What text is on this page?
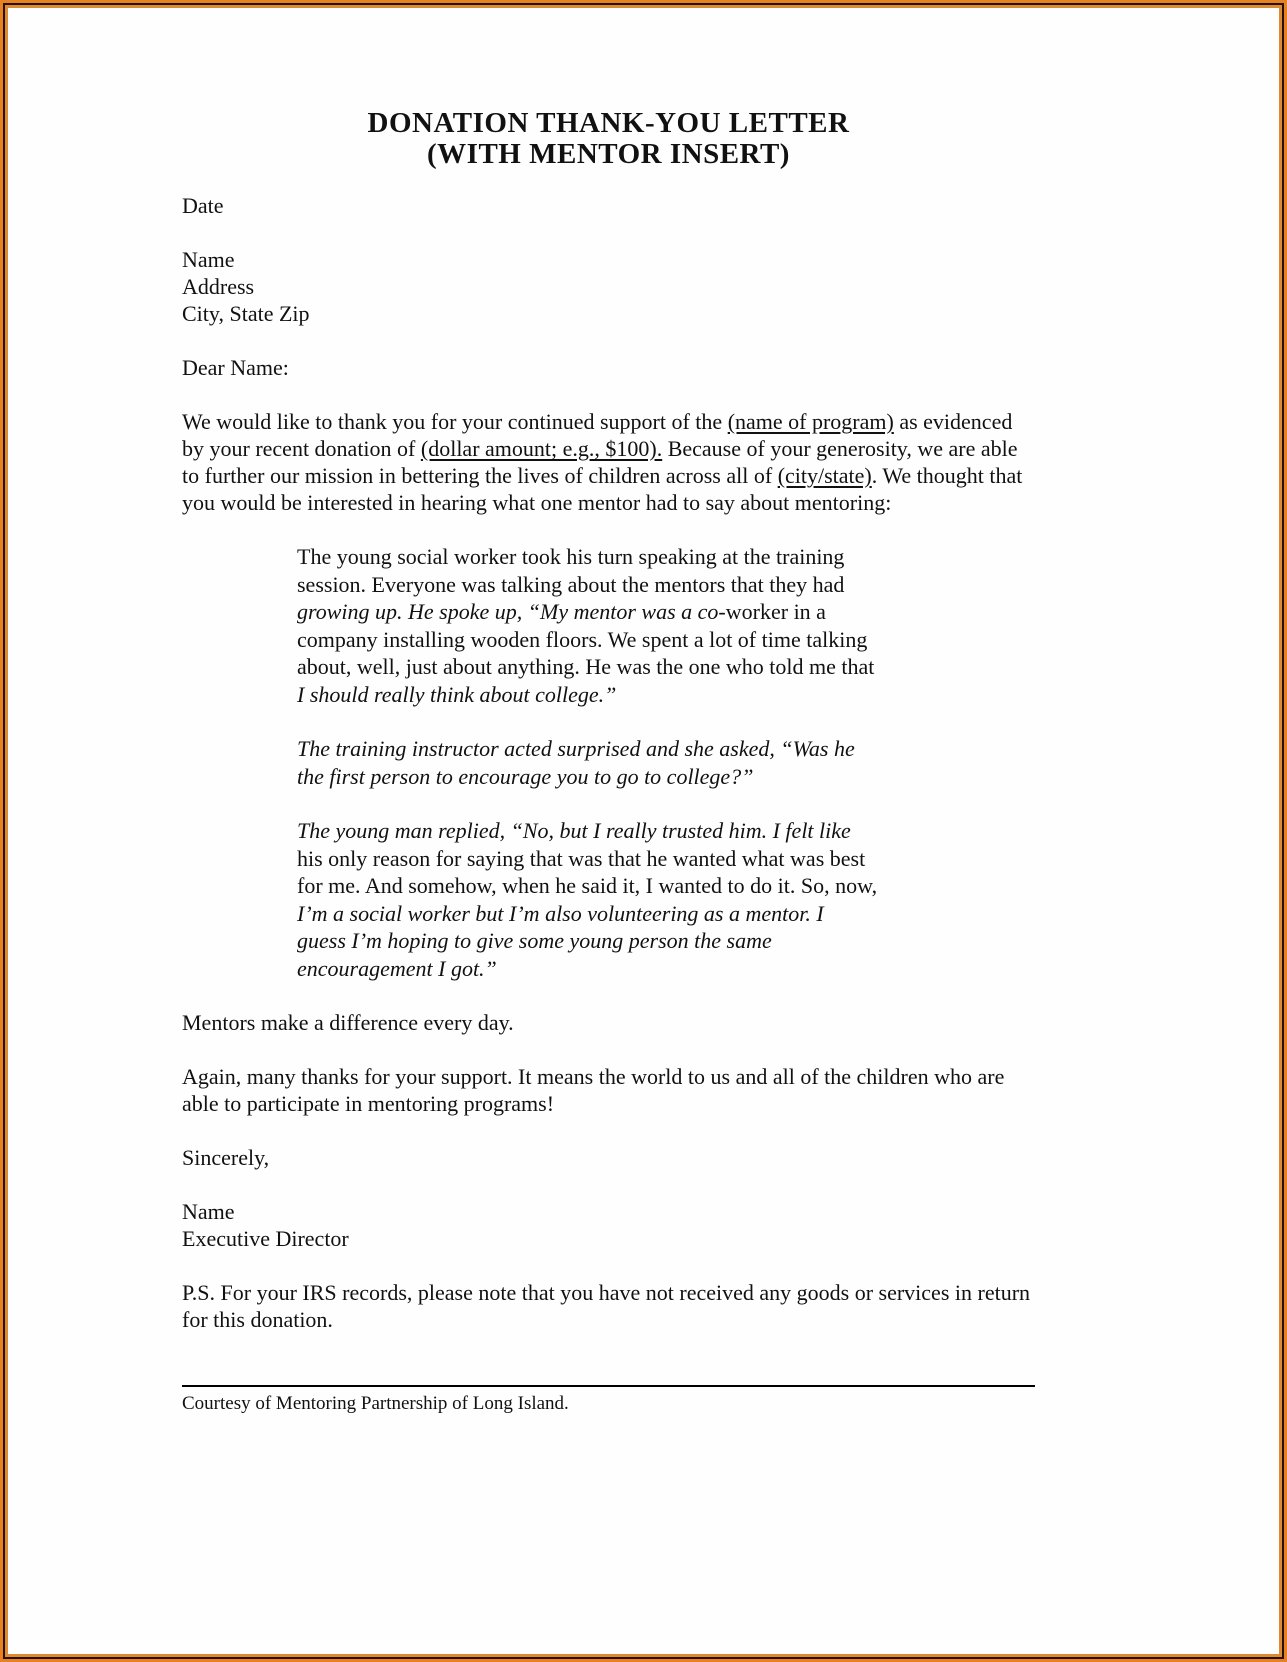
DONATION THANK-YOU LETTER
(WITH MENTOR INSERT)

Date

Name
Address
City, State Zip

Dear Name:

We would like to thank you for your continued support of the (name of program) as evidenced by your recent donation of (dollar amount; e.g., $100). Because of your generosity, we are able to further our mission in bettering the lives of children across all of (city/state). We thought that you would be interested in hearing what one mentor had to say about mentoring:

The young social worker took his turn speaking at the training
session. Everyone was talking about the mentors that they had
growing up. He spoke up, “My mentor was a co-worker in a
company installing wooden floors. We spent a lot of time talking
about, well, just about anything. He was the one who told me that
I should really think about college.”
The training instructor acted surprised and she asked, “Was he
the first person to encourage you to go to college?”
The young man replied, “No, but I really trusted him. I felt like
his only reason for saying that was that he wanted what was best
for me. And somehow, when he said it, I wanted to do it. So, now,
I’m a social worker but I’m also volunteering as a mentor. I
guess I’m hoping to give some young person the same
encouragement I got.”

Mentors make a difference every day.

Again, many thanks for your support. It means the world to us and all of the children who are able to participate in mentoring programs!

Sincerely,

Name
Executive Director

P.S. For your IRS records, please note that you have not received any goods or services in return for this donation.

Courtesy of Mentoring Partnership of Long Island.
